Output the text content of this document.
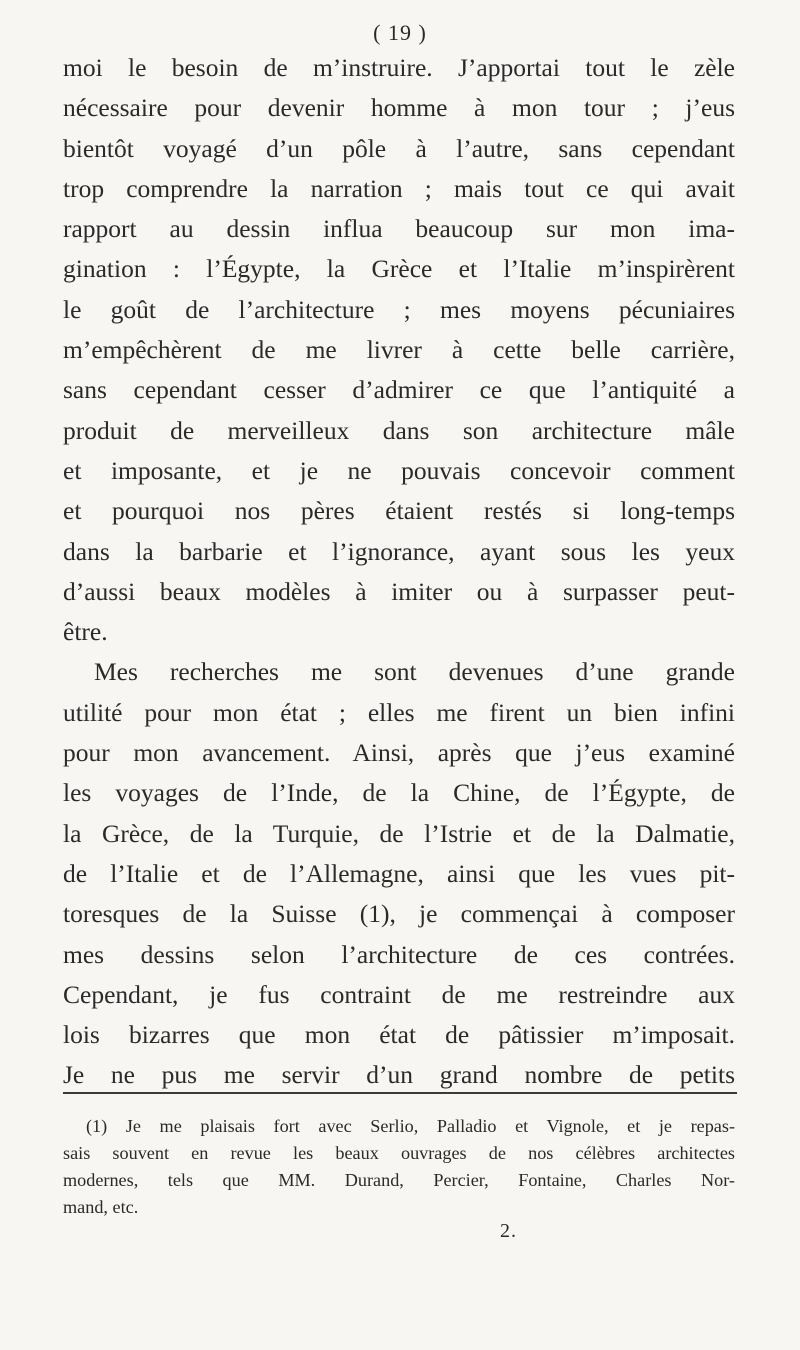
( 19 )
moi le besoin de m’instruire. J’apportai tout le zèle
nécessaire pour devenir homme à mon tour ; j’eus
bientôt voyagé d’un pôle à l’autre, sans cependant
trop comprendre la narration ; mais tout ce qui avait
rapport au dessin influa beaucoup sur mon ima-
gination : l’Égypte, la Grèce et l’Italie m’inspirèrent
le goût de l’architecture ; mes moyens pécuniaires
m’empêchèrent de me livrer à cette belle carrière,
sans cependant cesser d’admirer ce que l’antiquité a
produit de merveilleux dans son architecture mâle
et imposante, et je ne pouvais concevoir comment
et pourquoi nos pères étaient restés si long-temps
dans la barbarie et l’ignorance, ayant sous les yeux
d’aussi beaux modèles à imiter ou à surpasser peut-
être.
Mes recherches me sont devenues d’une grande
utilité pour mon état ; elles me firent un bien infini
pour mon avancement. Ainsi, après que j’eus examiné
les voyages de l’Inde, de la Chine, de l’Égypte, de
la Grèce, de la Turquie, de l’Istrie et de la Dalmatie,
de l’Italie et de l’Allemagne, ainsi que les vues pit-
toresques de la Suisse (1), je commençai à composer
mes dessins selon l’architecture de ces contrées.
Cependant, je fus contraint de me restreindre aux
lois bizarres que mon état de pâtissier m’imposait.
Je ne pus me servir d’un grand nombre de petits
(1) Je me plaisais fort avec Serlio, Palladio et Vignole, et je repas-
sais souvent en revue les beaux ouvrages de nos célèbres architectes
modernes, tels que MM. Durand, Percier, Fontaine, Charles Nor-
mand, etc.
2.
